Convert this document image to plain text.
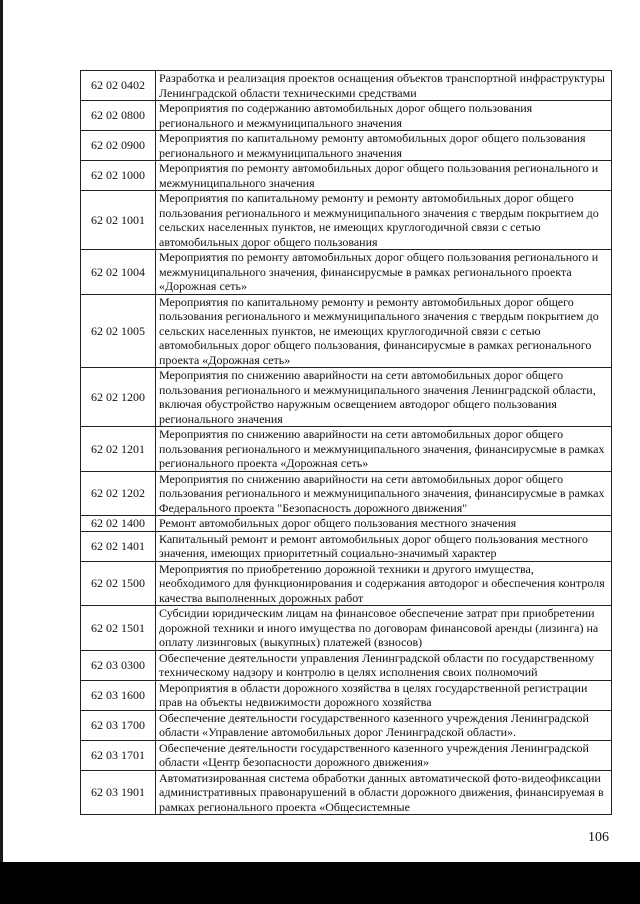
62 02 0402	Разработка и реализация проектов оснащения объектов транспортной инфраструктуры Ленинградской области техническими средствами
62 02 0800	Мероприятия по содержанию автомобильных дорог общего пользования регионального и межмуниципального значения
62 02 0900	Мероприятия по капитальному ремонту автомобильных дорог общего пользования регионального и межмуниципального значения
62 02 1000	Мероприятия по ремонту автомобильных дорог общего пользования регионального и межмуниципального значения
62 02 1001	Мероприятия по капитальному ремонту и ремонту автомобильных дорог общего пользования регионального и межмуниципального значения с твердым покрытием до сельских населенных пунктов, не имеющих круглогодичной связи с сетью автомобильных дорог общего пользования
62 02 1004	Мероприятия по ремонту автомобильных дорог общего пользования регионального и межмуниципального значения, финансирусмые в рамках регионального проекта «Дорожная сеть»
62 02 1005	Мероприятия по капитальному ремонту и ремонту автомобильных дорог общего пользования регионального и межмуниципального значения с твердым покрытием до сельских населенных пунктов, не имеющих круглогодичной связи с сетью автомобильных дорог общего пользования, финансирусмые в рамках регионального проекта «Дорожная сеть»
62 02 1200	Мероприятия по снижению аварийности на сети автомобильных дорог общего пользования регионального и межмуниципального значения Ленинградской области, включая обустройство наружным освещением автодорог общего пользования регионального значения
62 02 1201	Мероприятия по снижению аварийности на сети автомобильных дорог общего пользования регионального и межмуниципального значения, финансирусмые в рамках регионального проекта «Дорожная сеть»
62 02 1202	Мероприятия по снижению аварийности на сети автомобильных дорог общего пользования регионального и межмуниципального значения, финансирусмые в рамках Федерального проекта "Безопасность дорожного движения"
62 02 1400	Ремонт автомобильных дорог общего пользования местного значения
62 02 1401	Капитальный ремонт и ремонт автомобильных дорог общего пользования местного значения, имеющих приоритетный социально-значимый характер
62 02 1500	Мероприятия по приобретению дорожной техники и другого имущества, необходимого для функционирования и содержания автодорог и обеспечения контроля качества выполненных дорожных работ
62 02 1501	Субсидии юридическим лицам на финансовое обеспечение затрат при приобретении дорожной техники и иного имущества по договорам финансовой аренды (лизинга) на оплату лизинговых (выкупных) платежей (взносов)
62 03 0300	Обеспечение деятельности управления Ленинградской области по государственному техническому надзору и контролю в целях исполнения своих полномочий
62 03 1600	Мероприятия в области дорожного хозяйства в целях государственной регистрации прав на объекты недвижимости дорожного хозяйства
62 03 1700	Обеспечение деятельности государственного казенного учреждения Ленинградской области «Управление автомобильных дорог Ленинградской области».
62 03 1701	Обеспечение деятельности государственного казенного учреждения Ленинградской области «Центр безопасности дорожного движения»
62 03 1901	Автоматизированная система обработки данных автоматической фото-видеофиксации административных правонарушений в области дорожного движения, финансируемая в рамках регионального проекта «Общесистемные
106
